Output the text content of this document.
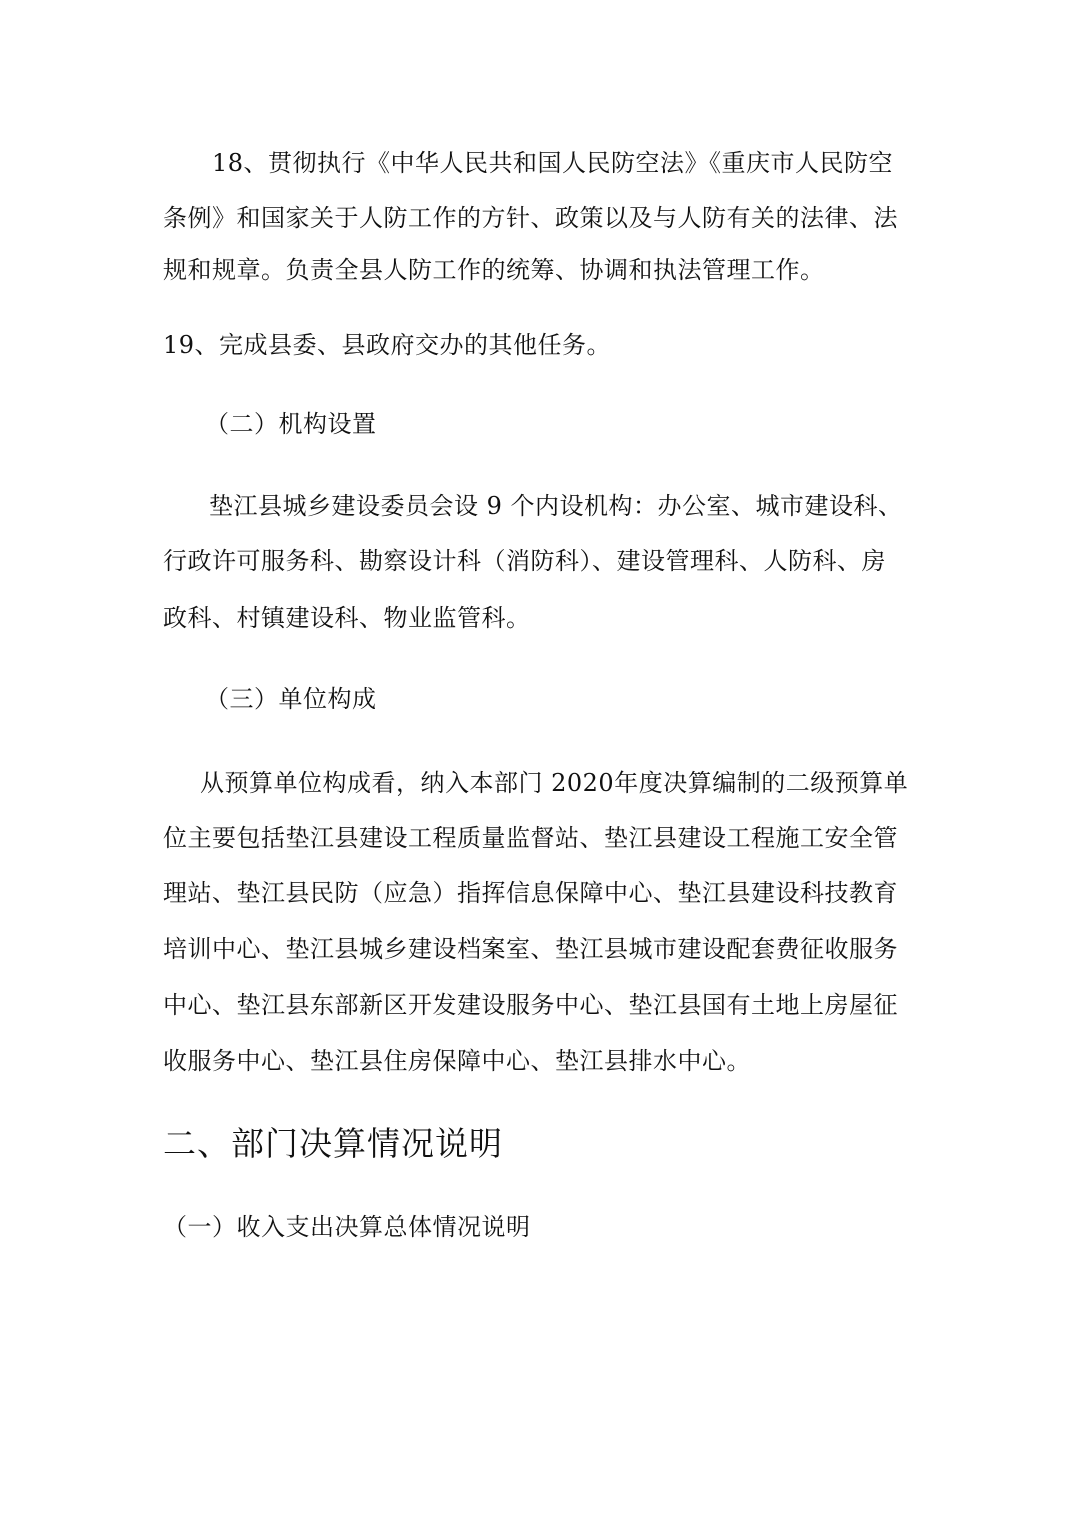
18、贯彻执行《中华人民共和国人民防空法》《重庆市人民防空
条例》和国家关于人防工作的方针、政策以及与人防有关的法律、法
规和规章。负责全县人防工作的统筹、协调和执法管理工作。
19、完成县委、县政府交办的其他任务。
（二）机构设置
垫江县城乡建设委员会设 9 个内设机构：办公室、城市建设科、
行政许可服务科、勘察设计科（消防科）、建设管理科、人防科、房
政科、村镇建设科、物业监管科。
（三）单位构成
从预算单位构成看，纳入本部门 2020年度决算编制的二级预算单
位主要包括垫江县建设工程质量监督站、垫江县建设工程施工安全管
理站、垫江县民防（应急）指挥信息保障中心、垫江县建设科技教育
培训中心、垫江县城乡建设档案室、垫江县城市建设配套费征收服务
中心、垫江县东部新区开发建设服务中心、垫江县国有土地上房屋征
收服务中心、垫江县住房保障中心、垫江县排水中心。
二、部门决算情况说明
（一）收入支出决算总体情况说明
